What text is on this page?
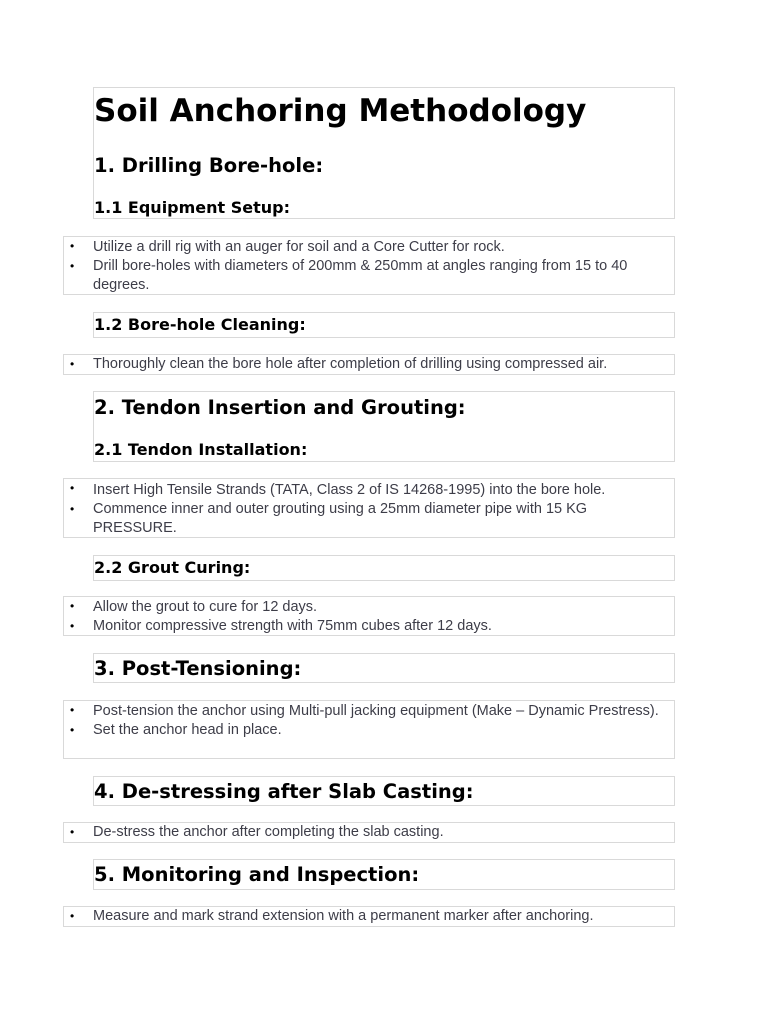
Soil Anchoring Methodology
1. Drilling Bore-hole:
1.1 Equipment Setup:
• Utilize a drill rig with an auger for soil and a Core Cutter for rock.
• Drill bore-holes with diameters of 200mm & 250mm at angles ranging from 15 to 40 degrees.
1.2 Bore-hole Cleaning:
• Thoroughly clean the bore hole after completion of drilling using compressed air.
2. Tendon Insertion and Grouting:
2.1 Tendon Installation:
• Insert High Tensile Strands (TATA, Class 2 of IS 14268-1995) into the bore hole.
• Commence inner and outer grouting using a 25mm diameter pipe with 15 KG PRESSURE.
2.2 Grout Curing:
• Allow the grout to cure for 12 days.
• Monitor compressive strength with 75mm cubes after 12 days.
3. Post-Tensioning:
• Post-tension the anchor using Multi-pull jacking equipment (Make – Dynamic Prestress).
• Set the anchor head in place.
4. De-stressing after Slab Casting:
• De-stress the anchor after completing the slab casting.
5. Monitoring and Inspection:
• Measure and mark strand extension with a permanent marker after anchoring.
